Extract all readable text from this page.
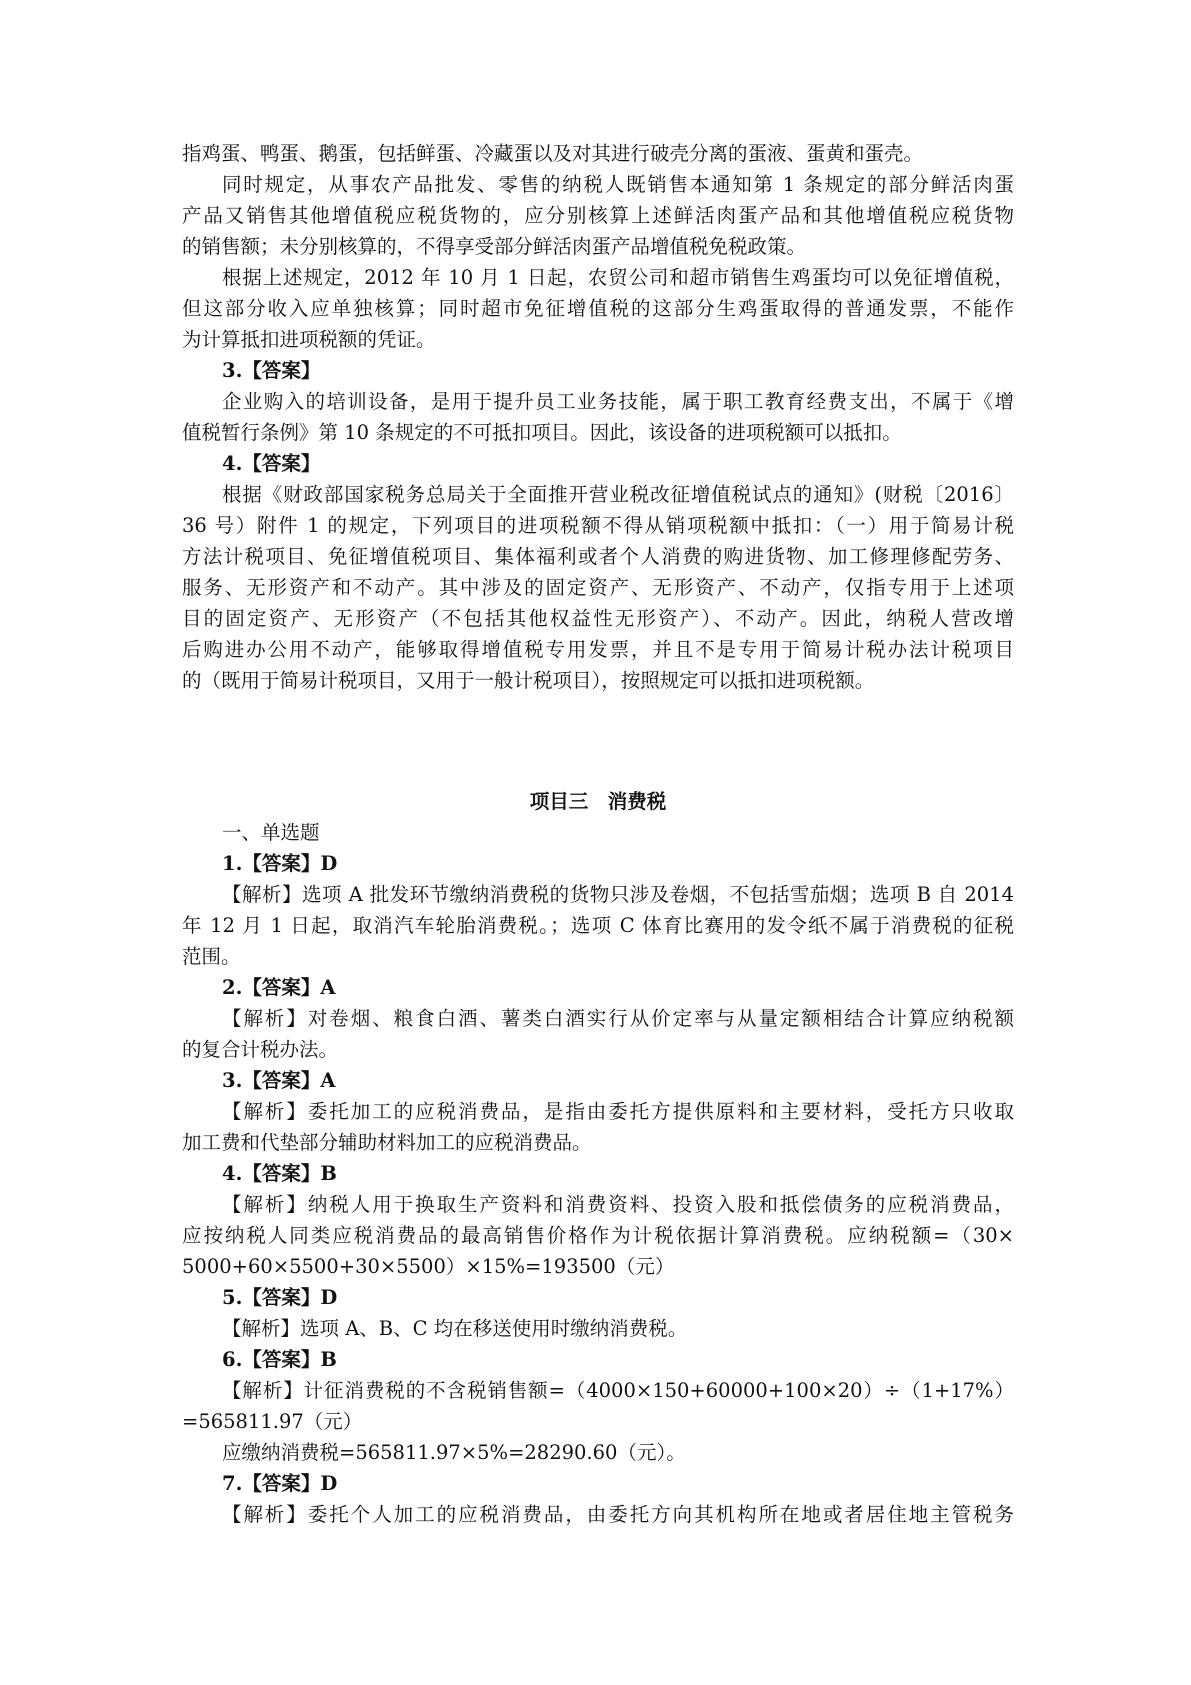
指鸡蛋、鸭蛋、鹅蛋，包括鲜蛋、冷藏蛋以及对其进行破壳分离的蛋液、蛋黄和蛋壳。
同时规定，从事农产品批发、零售的纳税人既销售本通知第 1 条规定的部分鲜活肉蛋
产品又销售其他增值税应税货物的，应分别核算上述鲜活肉蛋产品和其他增值税应税货物
的销售额；未分别核算的，不得享受部分鲜活肉蛋产品增值税免税政策。
根据上述规定，2012 年 10 月 1 日起，农贸公司和超市销售生鸡蛋均可以免征增值税，
但这部分收入应单独核算；同时超市免征增值税的这部分生鸡蛋取得的普通发票，不能作
为计算抵扣进项税额的凭证。
3.【答案】
企业购入的培训设备，是用于提升员工业务技能，属于职工教育经费支出，不属于《增
值税暂行条例》第 10 条规定的不可抵扣项目。因此，该设备的进项税额可以抵扣。
4.【答案】
根据《财政部国家税务总局关于全面推开营业税改征增值税试点的通知》(财税〔2016〕
36 号）附件 1 的规定，下列项目的进项税额不得从销项税额中抵扣：（一）用于简易计税
方法计税项目、免征增值税项目、集体福利或者个人消费的购进货物、加工修理修配劳务、
服务、无形资产和不动产。其中涉及的固定资产、无形资产、不动产，仅指专用于上述项
目的固定资产、无形资产（不包括其他权益性无形资产）、不动产。因此，纳税人营改增
后购进办公用不动产，能够取得增值税专用发票，并且不是专用于简易计税办法计税项目
的（既用于简易计税项目，又用于一般计税项目），按照规定可以抵扣进项税额。
项目三　消费税
一、单选题
1.【答案】D
【解析】选项 A 批发环节缴纳消费税的货物只涉及卷烟，不包括雪茄烟；选项 B 自 2014
年 12 月 1 日起，取消汽车轮胎消费税。；选项 C 体育比赛用的发令纸不属于消费税的征税
范围。
2.【答案】A
【解析】对卷烟、粮食白酒、薯类白酒实行从价定率与从量定额相结合计算应纳税额
的复合计税办法。
3.【答案】A
【解析】委托加工的应税消费品，是指由委托方提供原料和主要材料，受托方只收取
加工费和代垫部分辅助材料加工的应税消费品。
4.【答案】B
【解析】纳税人用于换取生产资料和消费资料、投资入股和抵偿债务的应税消费品，
应按纳税人同类应税消费品的最高销售价格作为计税依据计算消费税。应纳税额=（30×
5000+60×5500+30×5500）×15%=193500（元）
5.【答案】D
【解析】选项 A、B、C 均在移送使用时缴纳消费税。
6.【答案】B
【解析】计征消费税的不含税销售额=（4000×150+60000+100×20）÷（1+17%）
=565811.97（元）
应缴纳消费税=565811.97×5%=28290.60（元）。
7.【答案】D
【解析】委托个人加工的应税消费品，由委托方向其机构所在地或者居住地主管税务
